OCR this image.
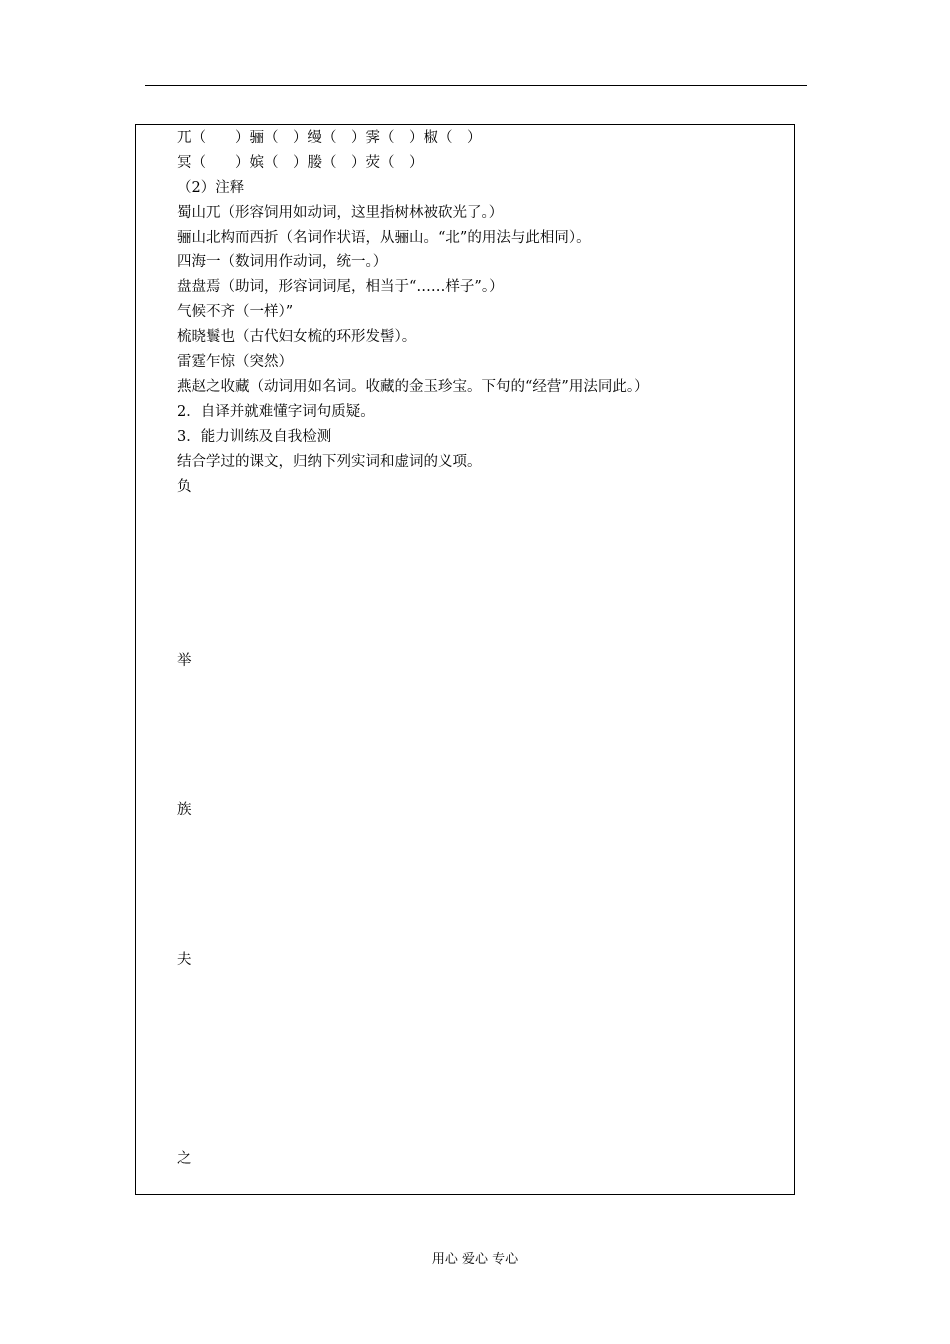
兀（　　）骊（　）缦（　）霁（　）椒（　）
冥（　　）嫔（　）媵（　）荧（　）
（2）注释
蜀山兀（形容饲用如动词，这里指树林被砍光了。）
骊山北构而西折（名词作状语，从骊山。“北”的用法与此相同）。
四海一（数词用作动词，统一。）
盘盘焉（助词，形容词词尾，相当于“……样子”。）
气候不齐（一样）”
梳晓鬟也（古代妇女梳的环形发髻）。
雷霆乍惊（突然）
燕赵之收藏（动词用如名词。收藏的金玉珍宝。下句的“经营”用法同此。）
2．自译并就难懂字词句质疑。
3．能力训练及自我检测
结合学过的课文，归纳下列实词和虚词的义项。
负
举
族
夫
之
用心 爱心 专心
